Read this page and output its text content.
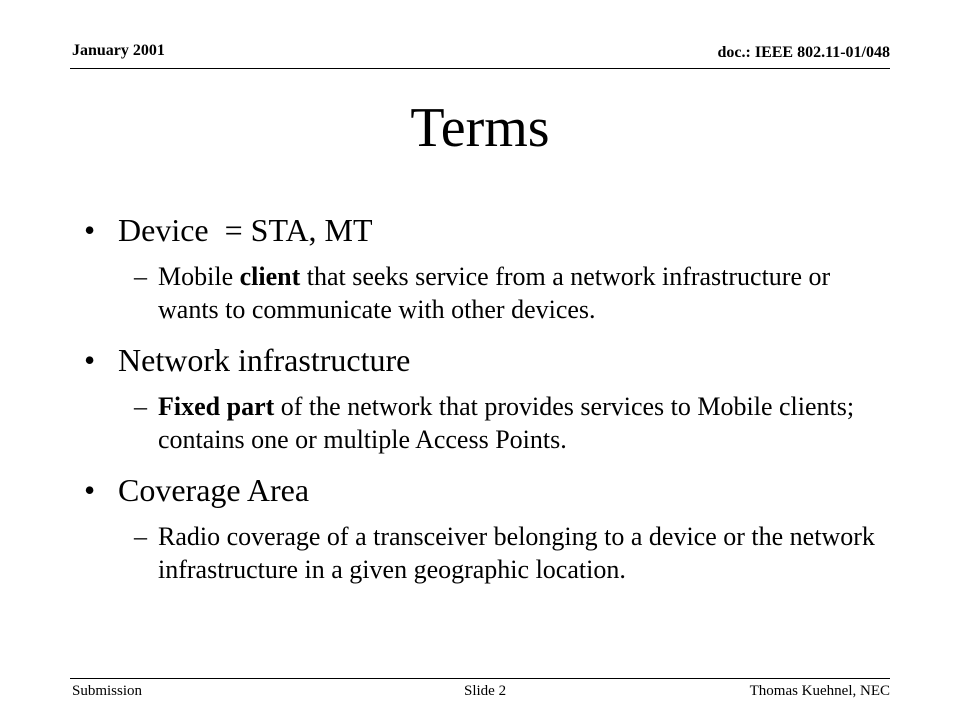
January 2001	doc.: IEEE 802.11-01/048
Terms
• Device  = STA, MT
– Mobile client that seeks service from a network infrastructure or wants to communicate with other devices.
• Network infrastructure
– Fixed part of the network that provides services to Mobile clients; contains one or multiple Access Points.
• Coverage Area
– Radio coverage of a transceiver belonging to a device or the network infrastructure in a given geographic location.
Submission	Slide 2	Thomas Kuehnel, NEC
